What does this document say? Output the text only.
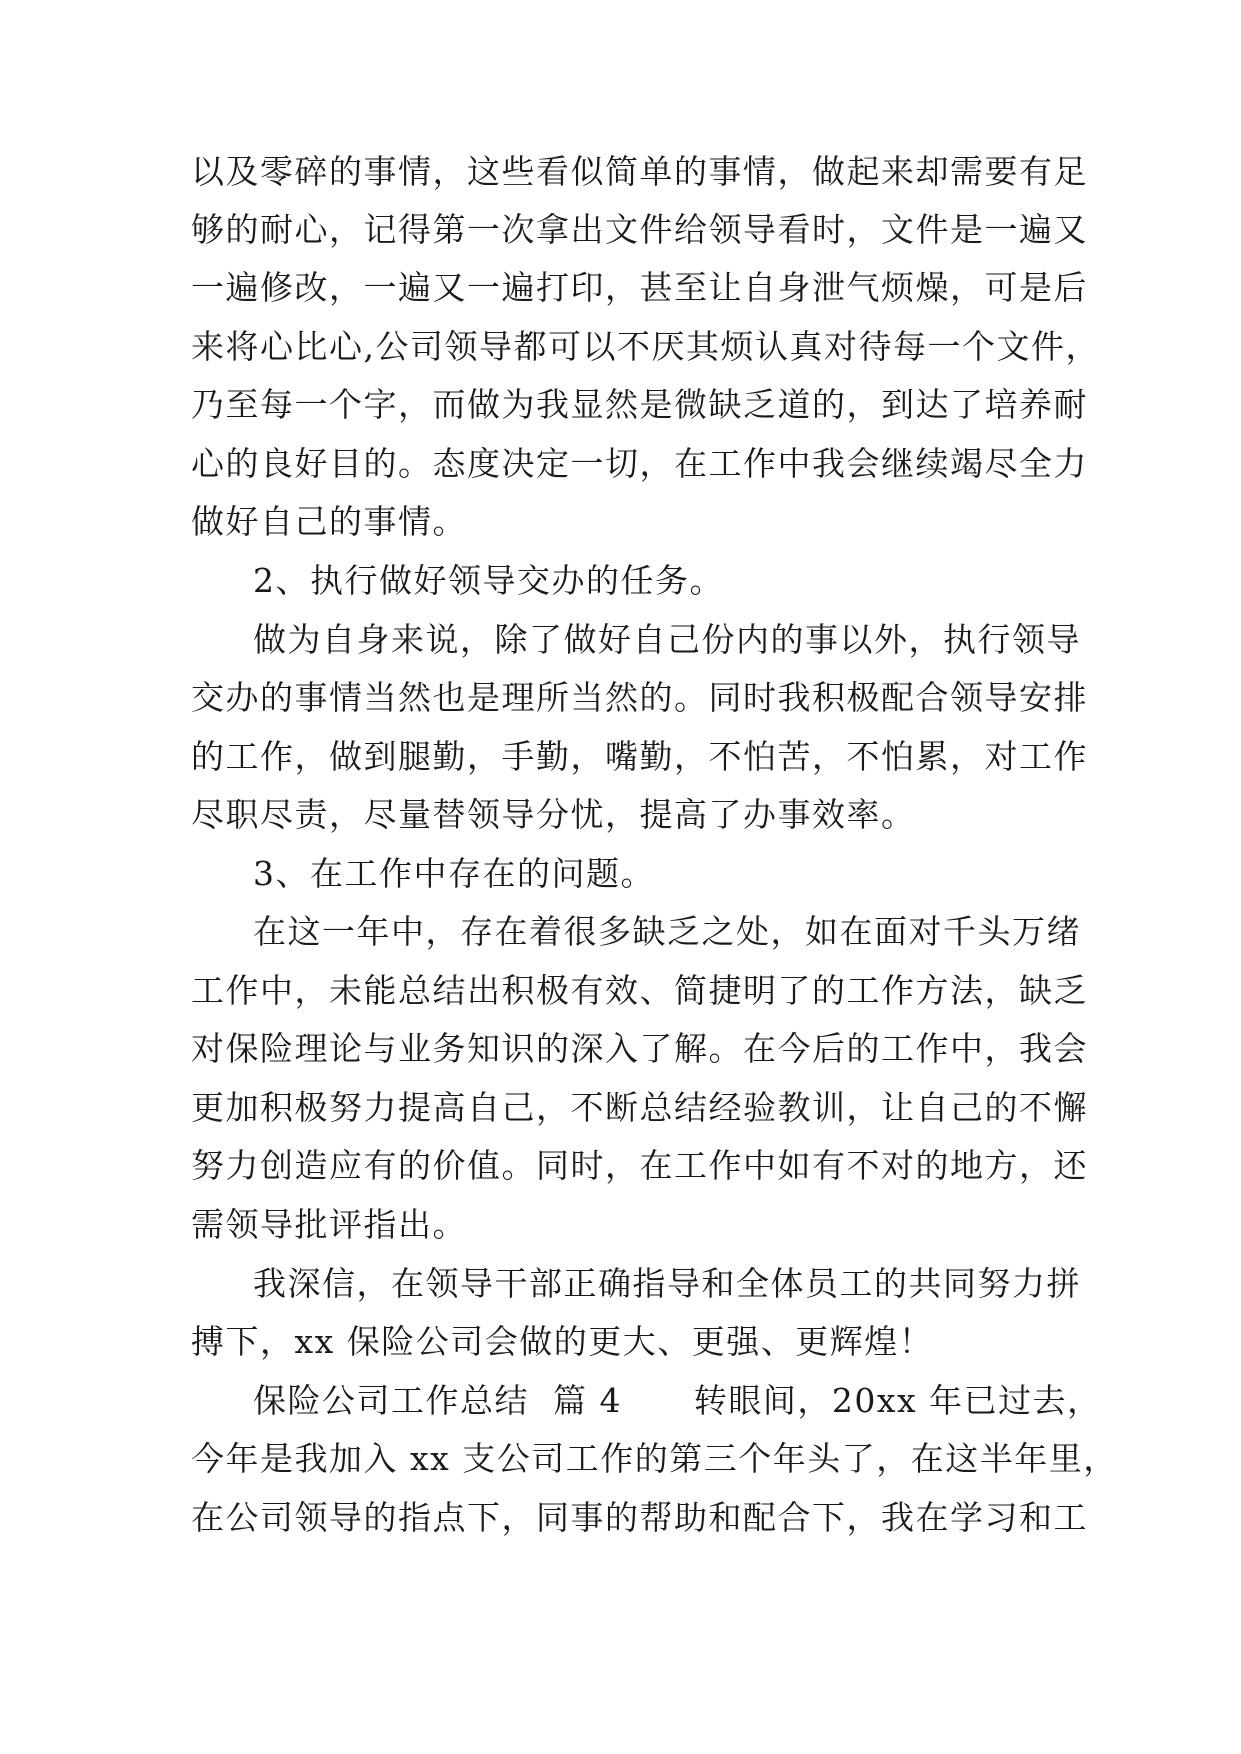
以及零碎的事情，这些看似简单的事情，做起来却需要有足
够的耐心，记得第一次拿出文件给领导看时，文件是一遍又
一遍修改，一遍又一遍打印，甚至让自身泄气烦燥，可是后
来将心比心,公司领导都可以不厌其烦认真对待每一个文件，
乃至每一个字，而做为我显然是微缺乏道的，到达了培养耐
心的良好目的。态度决定一切，在工作中我会继续竭尽全力
做好自己的事情。
2、执行做好领导交办的任务。
做为自身来说，除了做好自己份内的事以外，执行领导
交办的事情当然也是理所当然的。同时我积极配合领导安排
的工作，做到腿勤，手勤，嘴勤，不怕苦，不怕累，对工作
尽职尽责，尽量替领导分忧，提高了办事效率。
3、在工作中存在的问题。
在这一年中，存在着很多缺乏之处，如在面对千头万绪
工作中，未能总结出积极有效、简捷明了的工作方法，缺乏
对保险理论与业务知识的深入了解。在今后的工作中，我会
更加积极努力提高自己，不断总结经验教训，让自己的不懈
努力创造应有的价值。同时，在工作中如有不对的地方，还
需领导批评指出。
我深信，在领导干部正确指导和全体员工的共同努力拼
搏下，xx 保险公司会做的更大、更强、更辉煌！
保险公司工作总结  篇 4      转眼间，20xx 年已过去，
今年是我加入 xx 支公司工作的第三个年头了，在这半年里，
在公司领导的指点下，同事的帮助和配合下，我在学习和工
